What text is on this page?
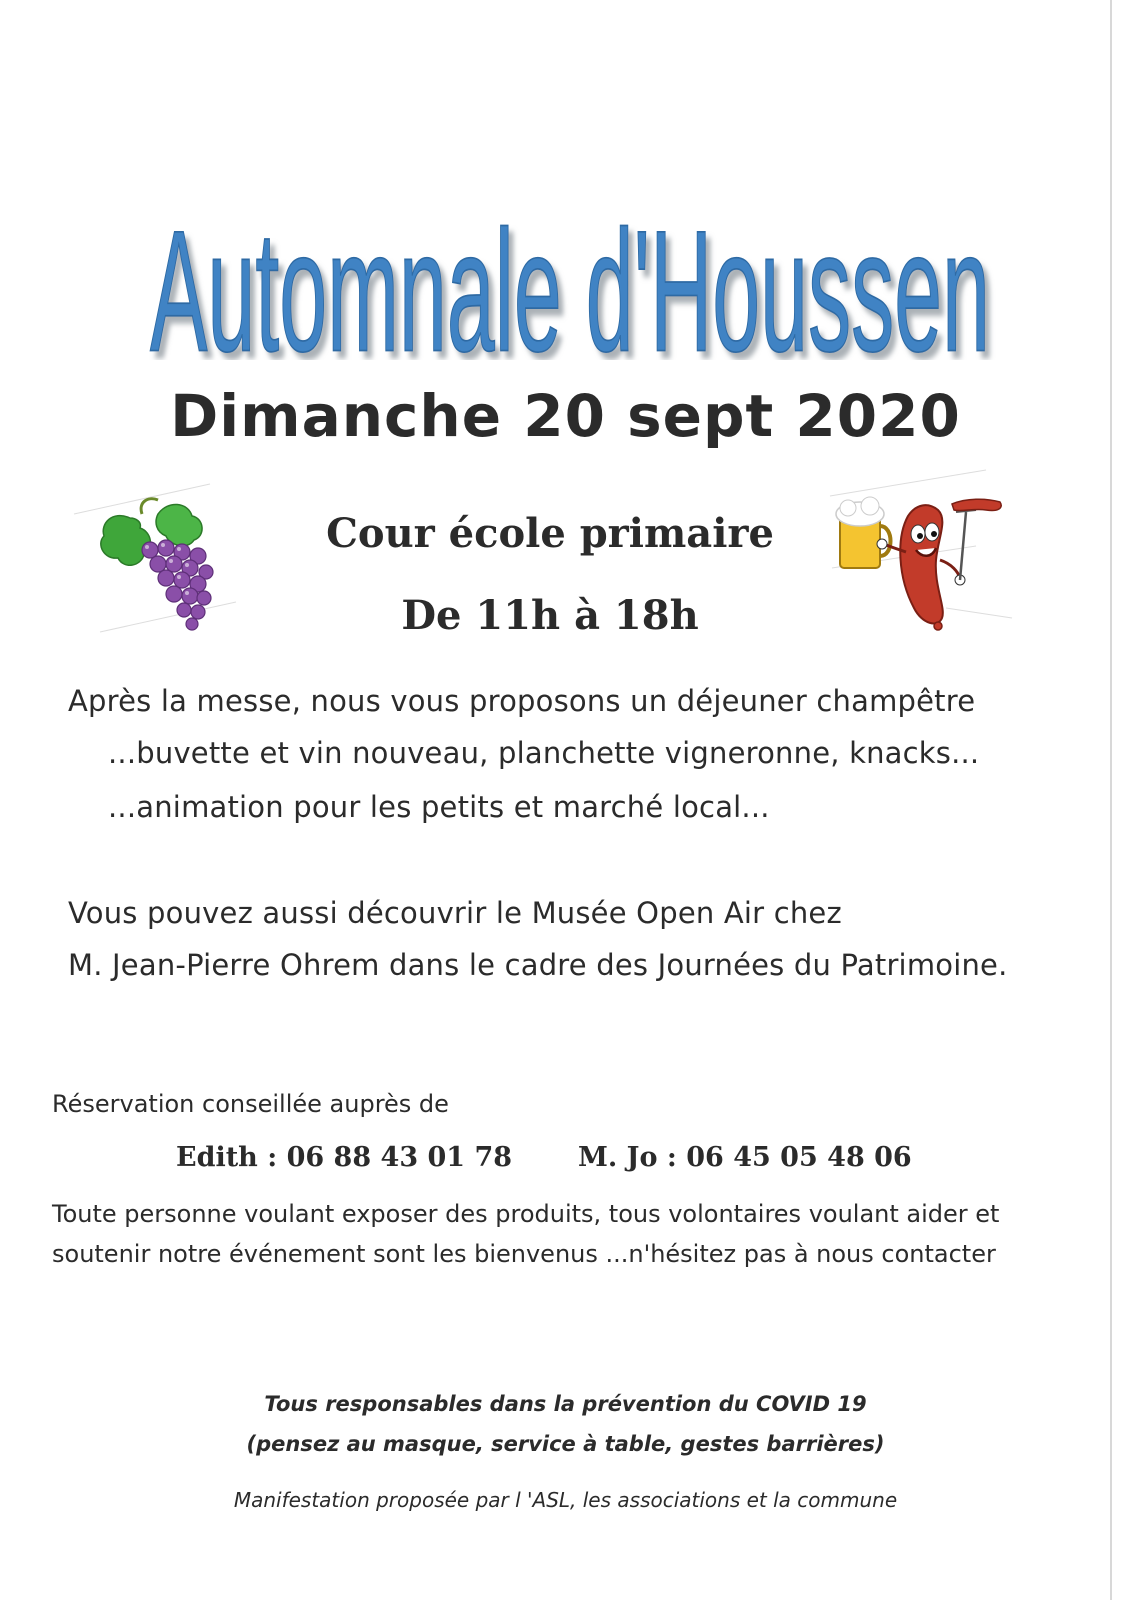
Automnale d'Houssen
Dimanche 20 sept 2020
Cour école primaire
De 11h à 18h
Après la messe, nous vous proposons un déjeuner champêtre
...buvette et vin nouveau, planchette vigneronne, knacks...
...animation pour les petits et marché local...
Vous pouvez aussi découvrir le Musée Open Air chez
M. Jean-Pierre Ohrem dans le cadre des Journées du Patrimoine.
Réservation conseillée auprès de
Edith : 06 88 43 01 78 M. Jo : 06 45 05 48 06
Toute personne voulant exposer des produits, tous volontaires voulant aider et
soutenir notre événement sont les bienvenus ...n'hésitez pas à nous contacter
Tous responsables dans la prévention du COVID 19
(pensez au masque, service à table, gestes barrières)
Manifestation proposée par l 'ASL, les associations et la commune
